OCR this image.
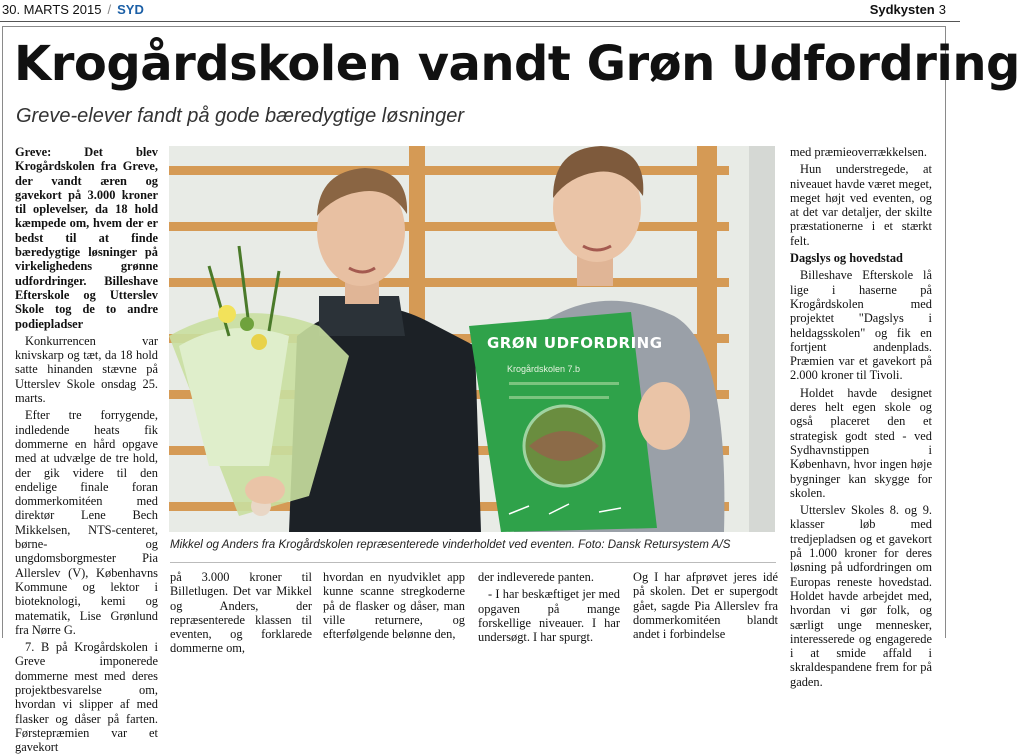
30. MARTS 2015 / SYD	Sydkysten 3
Krogårdskolen vandt Grøn Udfordring
Greve-elever fandt på gode bæredygtige løsninger

Greve: Det blev Krogårdskolen fra Greve, der vandt æren og gavekort på 3.000 kroner til oplevelser, da 18 hold kæmpede om, hvem der er bedst til at finde bæredygtige løsninger på virkelighedens grønne udfordringer. Billeshave Efterskole og Utterslev Skole tog de to andre podiepladser

Konkurrencen var knivskarp og tæt, da 18 hold satte hinanden stævne på Utterslev Skole onsdag 25. marts.

Efter tre forrygende, indledende heats fik dommerne en hård opgave med at udvælge de tre hold, der gik videre til den endelige finale foran dommerkomitéen med direktør Lene Bech Mikkelsen, NTS-centeret, børne- og ungdomsborgmester Pia Allerslev (V), Københavns Kommune og lektor i bioteknologi, kemi og matematik, Lise Grønlund fra Nørre G.

7. B på Krogårdskolen i Greve imponerede dommerne mest med deres projektbesvarelse om, hvordan vi slipper af med flasker og dåser på farten. Førstepræmien var et gavekort

GRØN UDFORDRING
Krogårdskolen 7.b
Mikkel og Anders fra Krogårdskolen repræsenterede vinderholdet ved eventen. Foto: Dansk Retursystem A/S

på 3.000 kroner til Billetlugen. Det var Mikkel og Anders, der repræsenterede klassen til eventen, og forklarede dommerne om,

hvordan en nyudviklet app kunne scanne stregkoderne på de flasker og dåser, man ville returnere, og efterfølgende belønne den,

der indleverede panten.

- I har beskæftiget jer med opgaven på mange forskellige niveauer. I har undersøgt. I har spurgt.

Og I har afprøvet jeres idé på skolen. Det er supergodt gået, sagde Pia Allerslev fra dommerkomitéen blandt andet i forbindelse

med præmieoverrækkelsen.

Hun understregede, at niveauet havde været meget, meget højt ved eventen, og at det var detaljer, der skilte præstationerne i et stærkt felt.

Dagslys og hovedstad

Billeshave Efterskole lå lige i haserne på Krogårdskolen med projektet "Dagslys i heldagsskolen" og fik en fortjent andenplads. Præmien var et gavekort på 2.000 kroner til Tivoli.

Holdet havde designet deres helt egen skole og også placeret den et strategisk godt sted - ved Sydhavnstippen i København, hvor ingen høje bygninger kan skygge for skolen.

Utterslev Skoles 8. og 9. klasser løb med tredjepladsen og et gavekort på 1.000 kroner for deres løsning på udfordringen om Europas reneste hovedstad. Holdet havde arbejdet med, hvordan vi gør folk, og særligt unge mennesker, interesserede og engagerede i at smide affald i skraldespandene frem for på gaden.
